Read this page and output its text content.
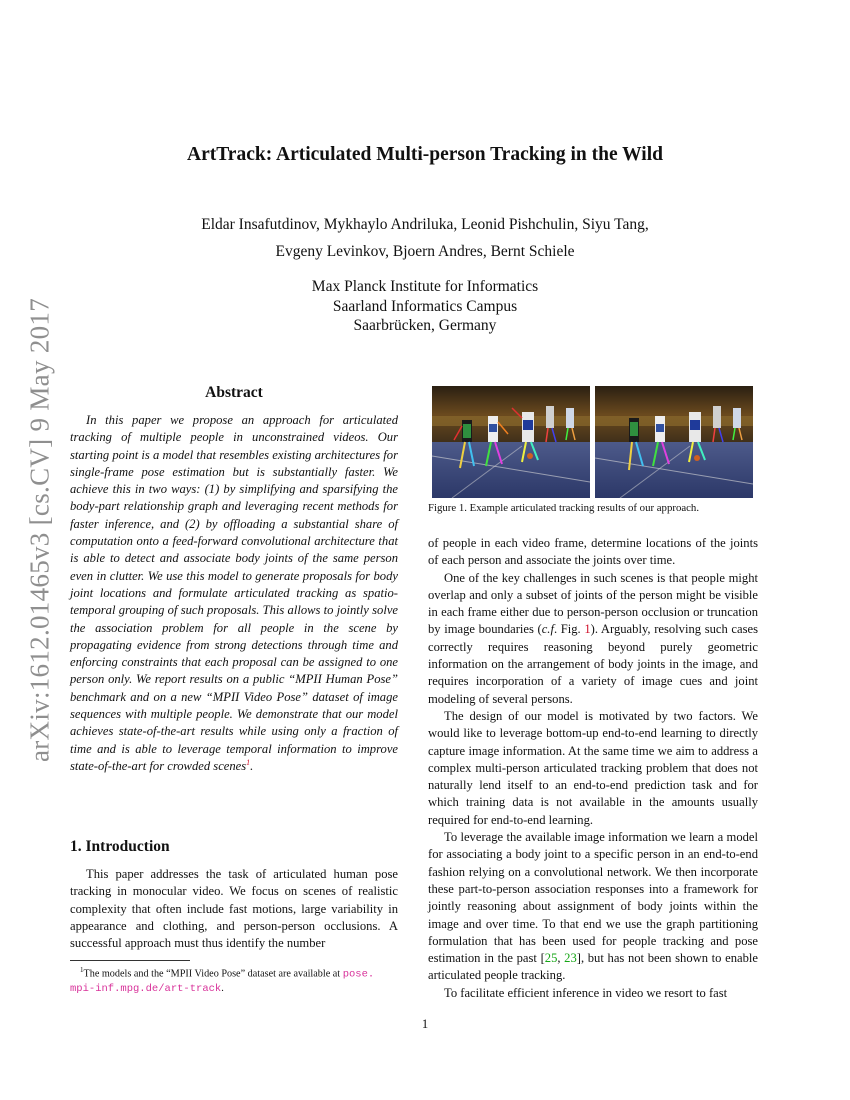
arXiv:1612.01465v3 [cs.CV] 9 May 2017
ArtTrack: Articulated Multi-person Tracking in the Wild
Eldar Insafutdinov, Mykhaylo Andriluka, Leonid Pishchulin, Siyu Tang,
Evgeny Levinkov, Bjoern Andres, Bernt Schiele
Max Planck Institute for Informatics
Saarland Informatics Campus
Saarbrücken, Germany
Abstract

In this paper we propose an approach for articulated tracking of multiple people in unconstrained videos. Our starting point is a model that resembles existing architectures for single-frame pose estimation but is substantially faster. We achieve this in two ways: (1) by simplifying and sparsifying the body-part relationship graph and leveraging recent methods for faster inference, and (2) by offloading a substantial share of computation onto a feed-forward convolutional architecture that is able to detect and associate body joints of the same person even in clutter. We use this model to generate proposals for body joint locations and formulate articulated tracking as spatio-temporal grouping of such proposals. This allows to jointly solve the association problem for all people in the scene by propagating evidence from strong detections through time and enforcing constraints that each proposal can be assigned to one person only. We report results on a public “MPII Human Pose” benchmark and on a new “MPII Video Pose” dataset of image sequences with multiple people. We demonstrate that our model achieves state-of-the-art results while using only a fraction of time and is able to leverage temporal information to improve state-of-the-art for crowded scenes$^1$.

1. Introduction

This paper addresses the task of articulated human pose tracking in monocular video. We focus on scenes of realistic complexity that often include fast motions, large variability in appearance and clothing, and person-person occlusions. A successful approach must thus identify the number

$^1$The models and the “MPII Video Pose” dataset are available at pose.
mpi-inf.mpg.de/art-track.
Figure 1. Example articulated tracking results of our approach.

of people in each video frame, determine locations of the joints of each person and associate the joints over time.

One of the key challenges in such scenes is that people might overlap and only a subset of joints of the person might be visible in each frame either due to person-person occlusion or truncation by image boundaries (c.f. Fig. 1). Arguably, resolving such cases correctly requires reasoning beyond purely geometric information on the arrangement of body joints in the image, and requires incorporation of a variety of image cues and joint modeling of several persons.

The design of our model is motivated by two factors. We would like to leverage bottom-up end-to-end learning to directly capture image information. At the same time we aim to address a complex multi-person articulated tracking problem that does not naturally lend itself to an end-to-end prediction task and for which training data is not available in the amounts usually required for end-to-end learning.

To leverage the available image information we learn a model for associating a body joint to a specific person in an end-to-end fashion relying on a convolutional network. We then incorporate these part-to-person association responses into a framework for jointly reasoning about assignment of body joints within the image and over time. To that end we use the graph partitioning formulation that has been used for people tracking and pose estimation in the past [25, 23], but has not been shown to enable articulated people tracking.

To facilitate efficient inference in video we resort to fast

1
